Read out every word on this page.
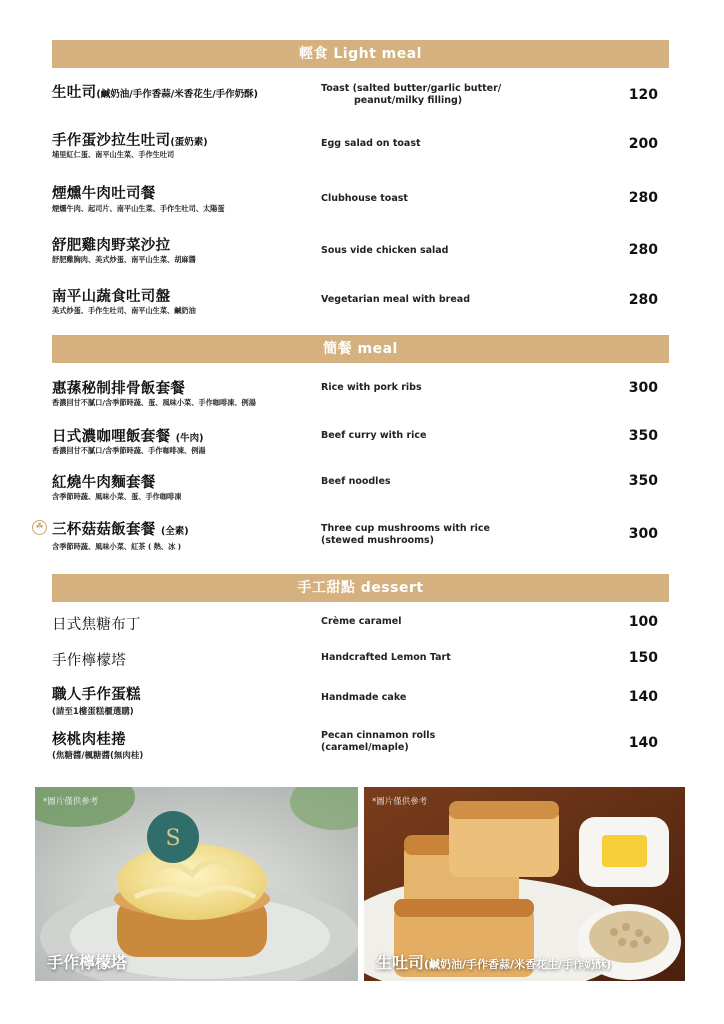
輕食 Light meal
簡餐 meal
手工甜點 dessert
生吐司(鹹奶油/手作香蒜/米香花生/手作奶酥)
Toast (salted butter/garlic butter/
peanut/milky filling)	120
手作蛋沙拉生吐司(蛋奶素)
埔里紅仁蛋、南平山生菜、手作生吐司
Egg salad on toast	200
煙燻牛肉吐司餐
煙燻牛肉、起司片、南平山生菜、手作生吐司、太陽蛋
Clubhouse toast	280
舒肥雞肉野菜沙拉
舒肥雞胸肉、美式炒蛋、南平山生菜、胡麻醬
Sous vide chicken salad	280
南平山蔬食吐司盤
美式炒蛋、手作生吐司、南平山生菜、鹹奶油
Vegetarian meal with bread	280
惠蓀秘制排骨飯套餐
香濃回甘不膩口/含季節時蔬、蛋、風味小菜、手作咖啡凍、例湯
Rice with pork ribs	300
日式濃咖哩飯套餐 (牛肉)
香濃回甘不膩口/含季節時蔬、手作咖啡凍、例湯
Beef curry with rice	350
紅燒牛肉麵套餐
含季節時蔬、風味小菜、蛋、手作咖啡凍
Beef noodles	350
☘ 三杯菇菇飯套餐 (全素)
含季節時蔬、風味小菜、紅茶 ( 熱、冰 )
Three cup mushrooms with rice
(stewed mushrooms)	300
日式焦糖布丁	Crème caramel	100
手作檸檬塔	Handcrafted Lemon Tart	150
職人手作蛋糕
(請至1樓蛋糕櫃選購)
Handmade cake	140
核桃肉桂捲
(焦糖醬/楓糖醬(無肉桂)
Pecan cinnamon rolls
(caramel/maple)	140
S
*圖片僅供參考
手作檸檬塔
*圖片僅供參考
生吐司(鹹奶油/手作香蒜/米香花生/手作奶酥)
